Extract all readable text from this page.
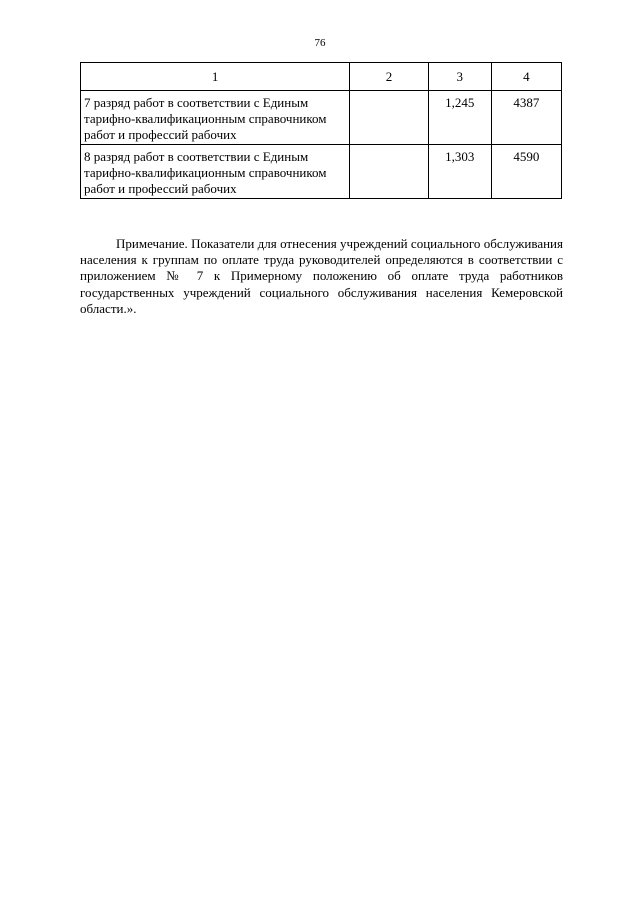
76
1	2	3	4
7 разряд работ в соответствии с Единым тарифно-квалификационным справочником работ и профессий рабочих		1,245	4387
8 разряд работ в соответствии с Единым тарифно-квалификационным справочником работ и профессий рабочих		1,303	4590

Примечание. Показатели для отнесения учреждений социального обслуживания населения к группам по оплате труда руководителей определяются в соответствии с приложением № 7 к Примерному положению об оплате труда работников государственных учреждений социального обслуживания населения Кемеровской области.».
